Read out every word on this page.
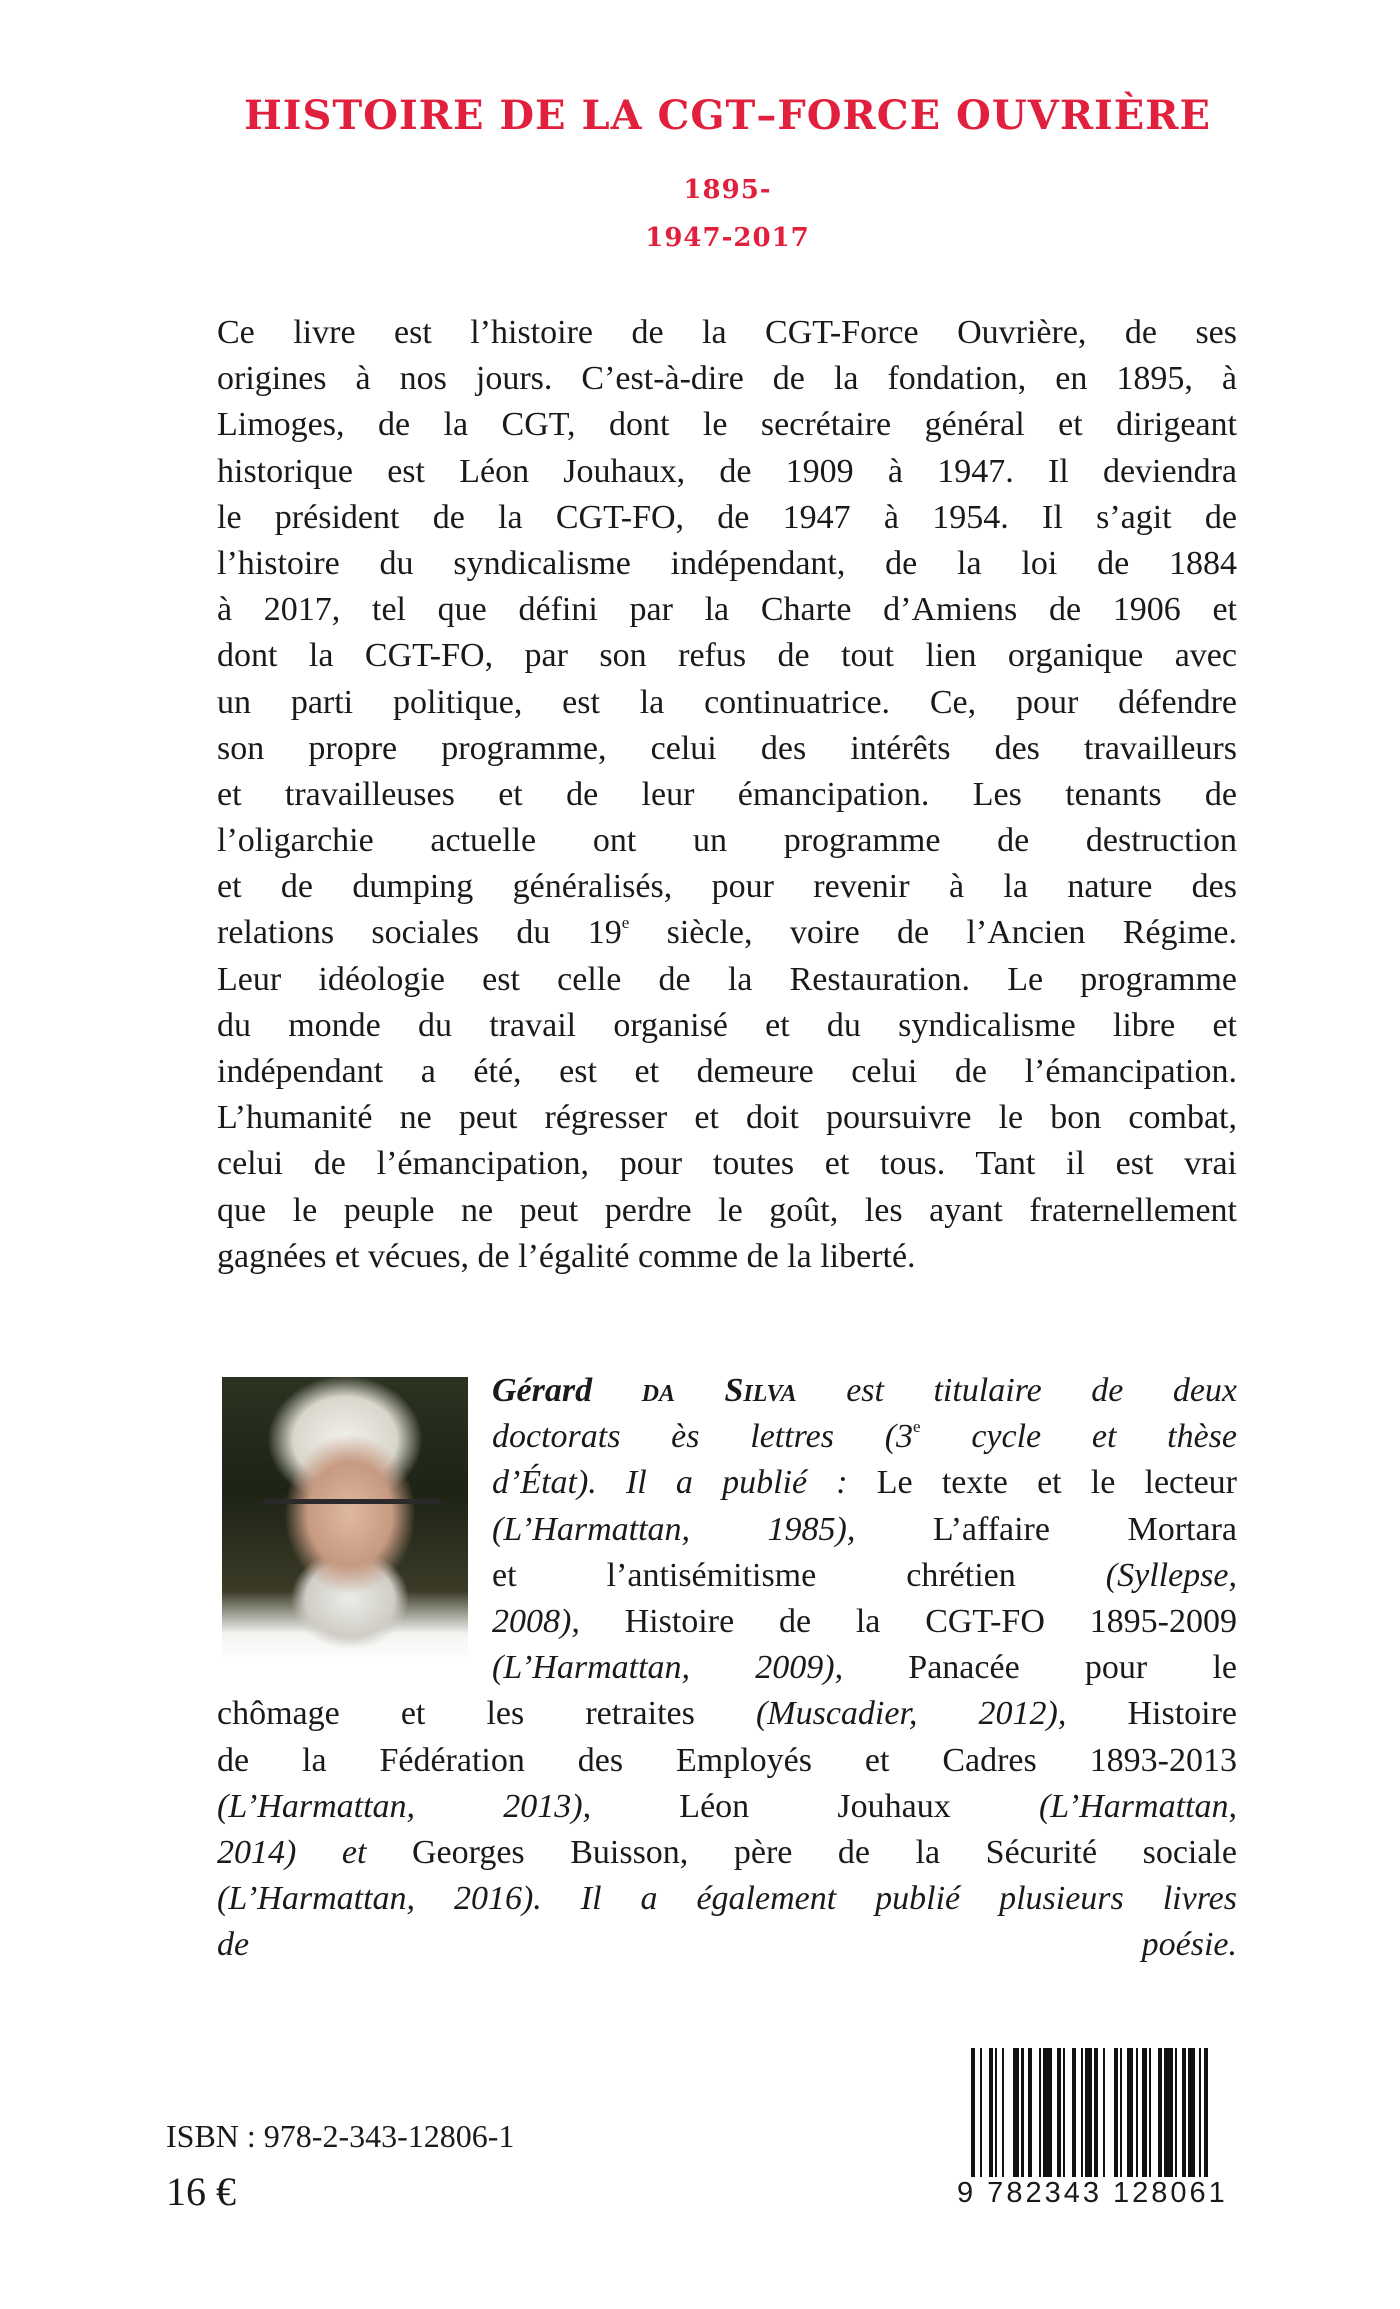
HISTOIRE DE LA CGT–FORCE OUVRIÈRE
1895-
1947-2017
Ce livre est l’histoire de la CGT-Force Ouvrière, de ses
origines à nos jours. C’est-à-dire de la fondation, en 1895, à
Limoges, de la CGT, dont le secrétaire général et dirigeant
historique est Léon Jouhaux, de 1909 à 1947. Il deviendra
le président de la CGT-FO, de 1947 à 1954. Il s’agit de
l’histoire du syndicalisme indépendant, de la loi de 1884
à 2017, tel que défini par la Charte d’Amiens de 1906 et
dont la CGT-FO, par son refus de tout lien organique avec
un parti politique, est la continuatrice. Ce, pour défendre
son propre programme, celui des intérêts des travailleurs
et travailleuses et de leur émancipation. Les tenants de
l’oligarchie actuelle ont un programme de destruction
et de dumping généralisés, pour revenir à la nature des
relations sociales du 19e siècle, voire de l’Ancien Régime.
Leur idéologie est celle de la Restauration. Le programme
du monde du travail organisé et du syndicalisme libre et
indépendant a été, est et demeure celui de l’émancipation.
L’humanité ne peut régresser et doit poursuivre le bon combat,
celui de l’émancipation, pour toutes et tous. Tant il est vrai
que le peuple ne peut perdre le goût, les ayant fraternellement
gagnées et vécues, de l’égalité comme de la liberté.
Gérard da Silva est titulaire de deux
doctorats ès lettres (3e cycle et thèse
d’État). Il a publié : Le texte et le lecteur
(L’Harmattan, 1985), L’affaire Mortara
et l’antisémitisme chrétien (Syllepse,
2008), Histoire de la CGT-FO 1895-2009
(L’Harmattan, 2009), Panacée pour le
chômage et les retraites (Muscadier, 2012), Histoire
de la Fédération des Employés et Cadres 1893-2013
(L’Harmattan, 2013), Léon Jouhaux (L’Harmattan,
2014) et Georges Buisson, père de la Sécurité sociale
(L’Harmattan, 2016). Il a également publié plusieurs livres
de poésie.
ISBN : 978-2-343-12806-1
16 €	9 782343 128061
